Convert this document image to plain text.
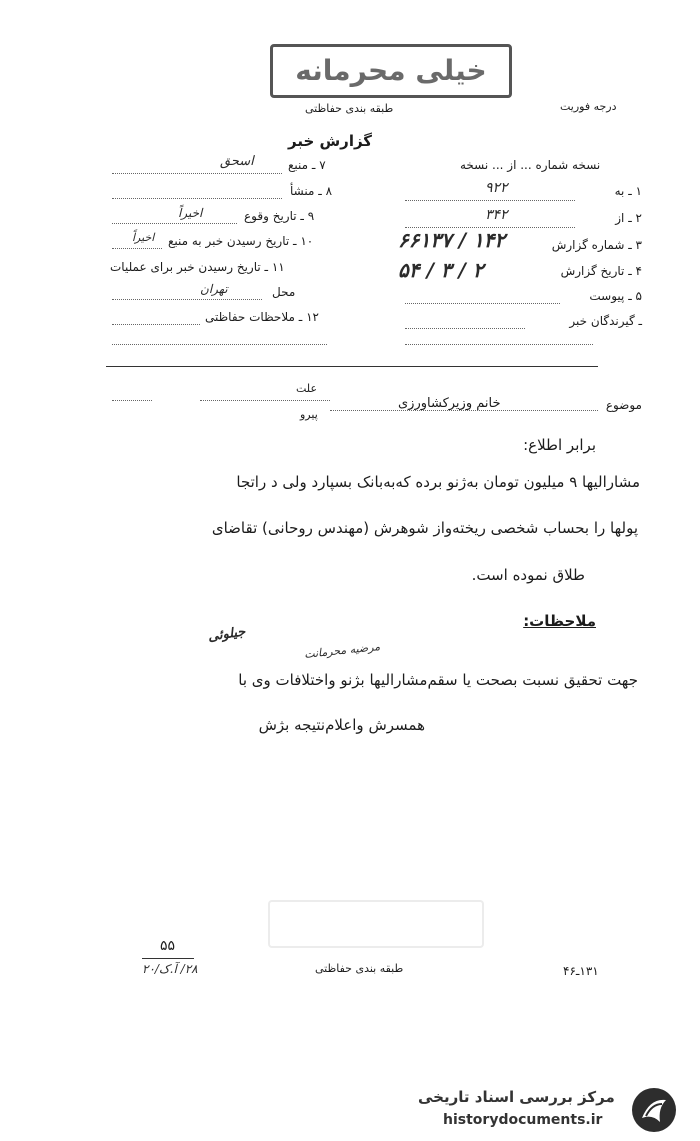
خیلی محرمانه
درجه فوریت
طبقه بندی حفاظتی
گزارش خبر
نسخه شماره ... از ... نسخه
۱ ـ به
۹۲۲
۲ ـ از
۳۴۲
۳ ـ شماره گزارش
۶۶۱۳۷ / ۱۴۲
۴ ـ تاریخ گزارش
۵۴ / ۳ / ۲
۵ ـ پیوست
ـ گیرندگان خبر
۷ ـ منبع
اسحق
۸ ـ منشأ
۹ ـ تاریخ وقوع
اخیراً
۱۰ ـ تاریخ رسیدن خبر به منبع
اخیراً
۱۱ ـ تاریخ رسیدن خبر برای عملیات
محل
تهران
۱۲ ـ ملاحظات حفاظتی
موضوع
خانم وزیرکشاورزی
علت
پیرو
برابر اطلاع:
مشارالیها ۹ میلیون تومان به‌ژنو برده که‌به‌بانک بسپارد ولی د راتجا
پولها را بحساب شخصی ریخته‌واز شوهرش (مهندس روحانی) تقاضای
طلاق نموده است.
ملاحظات:
جیلوئی
مرضیه محرمانت
جهت تحقیق نسبت بصحت یا سقم‌مشارالیها بژنو واختلافات وی با
همسرش واعلام‌نتیجه بژش
۵۵
۲۸/ آ.ک/۲۰	طبقه بندی حفاظتی	۱۳۱ـ۴۶
مرکز بررسی اسناد تاریخی
historydocuments.ir
